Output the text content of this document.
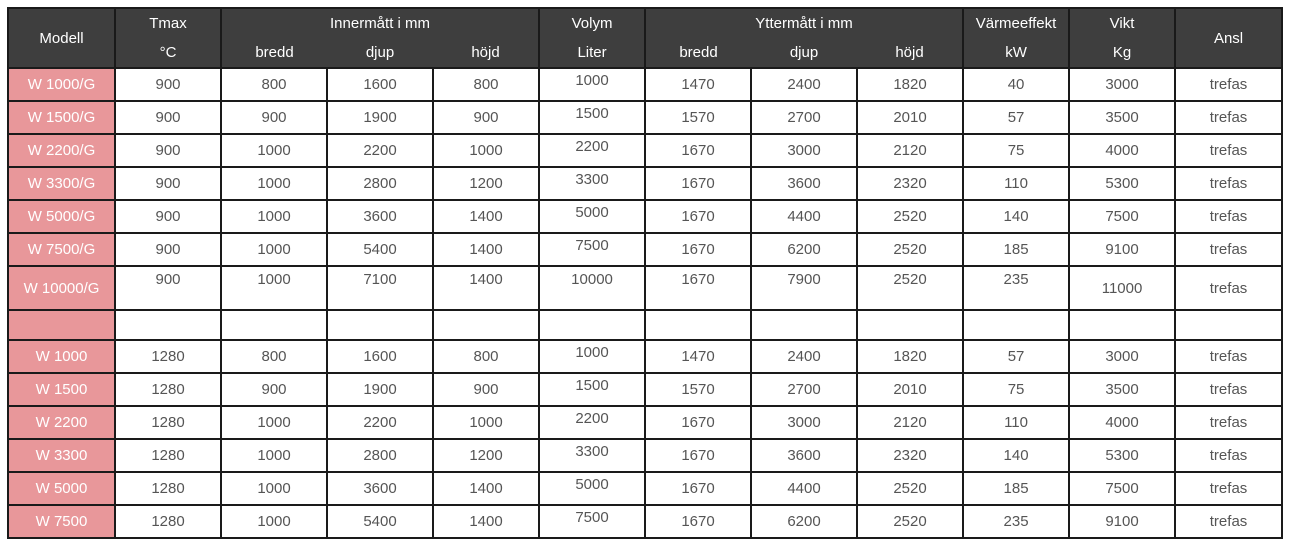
Modell	Tmax	Innermått i mm			Volym	Yttermått i mm			Värmeeffekt	Vikt	Ansl
	°C	bredd	djup	höjd	Liter	bredd	djup	höjd	kW	Kg	
W 1000/G	900	800	1600	800	1000	1470	2400	1820	40	3000	trefas
W 1500/G	900	900	1900	900	1500	1570	2700	2010	57	3500	trefas
W 2200/G	900	1000	2200	1000	2200	1670	3000	2120	75	4000	trefas
W 3300/G	900	1000	2800	1200	3300	1670	3600	2320	110	5300	trefas
W 5000/G	900	1000	3600	1400	5000	1670	4400	2520	140	7500	trefas
W 7500/G	900	1000	5400	1400	7500	1670	6200	2520	185	9100	trefas
W 10000/G	900	1000	7100	1400	10000	1670	7900	2520	235	11000	trefas

W 1000	1280	800	1600	800	1000	1470	2400	1820	57	3000	trefas
W 1500	1280	900	1900	900	1500	1570	2700	2010	75	3500	trefas
W 2200	1280	1000	2200	1000	2200	1670	3000	2120	110	4000	trefas
W 3300	1280	1000	2800	1200	3300	1670	3600	2320	140	5300	trefas
W 5000	1280	1000	3600	1400	5000	1670	4400	2520	185	7500	trefas
W 7500	1280	1000	5400	1400	7500	1670	6200	2520	235	9100	trefas
